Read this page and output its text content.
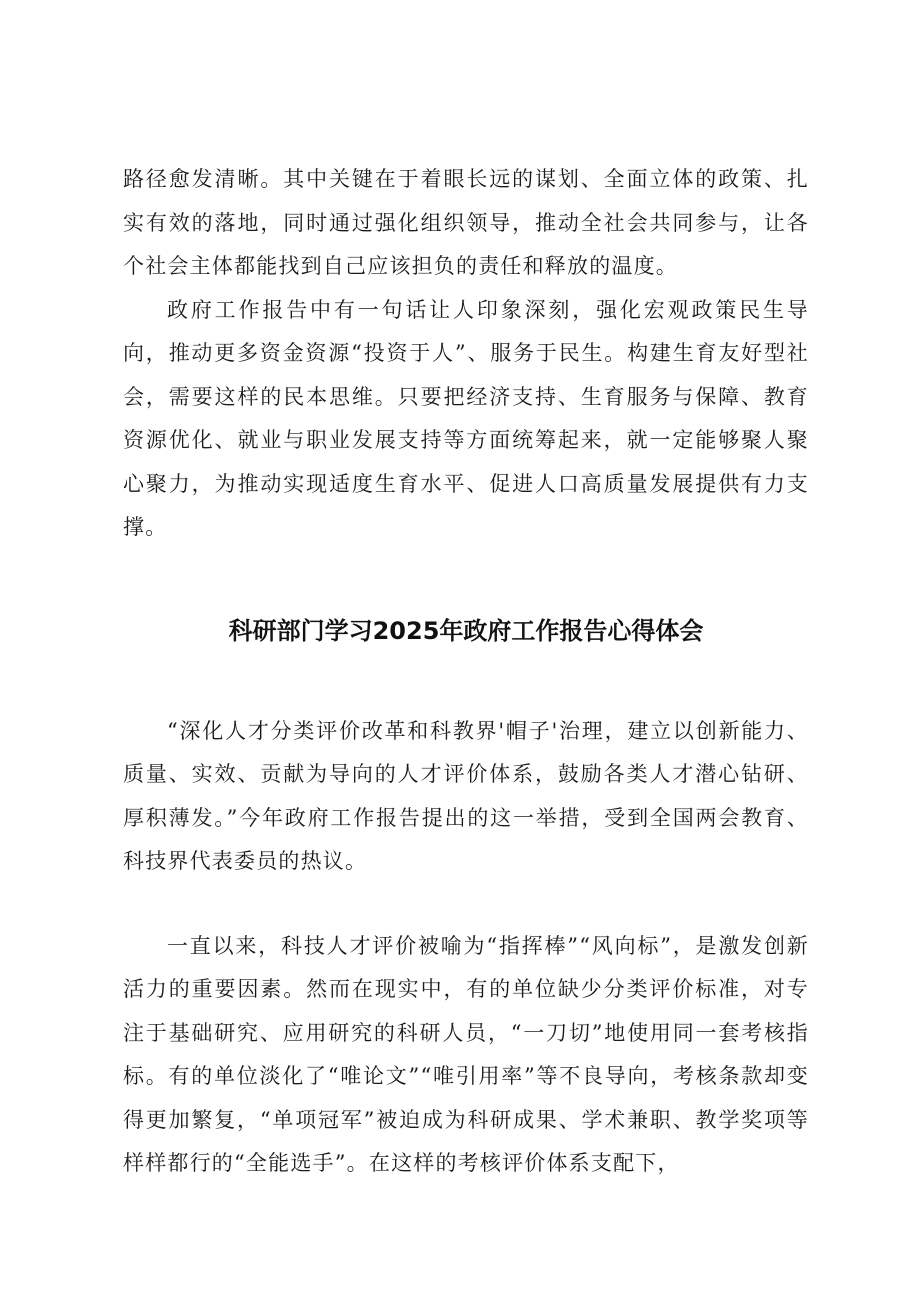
路径愈发清晰。其中关键在于着眼长远的谋划、全面立体的政策、扎实有效的落地，同时通过强化组织领导，推动全社会共同参与，让各个社会主体都能找到自己应该担负的责任和释放的温度。

政府工作报告中有一句话让人印象深刻，强化宏观政策民生导向，推动更多资金资源“投资于人”、服务于民生。构建生育友好型社会，需要这样的民本思维。只要把经济支持、生育服务与保障、教育资源优化、就业与职业发展支持等方面统筹起来，就一定能够聚人聚心聚力，为推动实现适度生育水平、促进人口高质量发展提供有力支撑。

科研部门学习2025年政府工作报告心得体会

“深化人才分类评价改革和科教界'帽子'治理，建立以创新能力、质量、实效、贡献为导向的人才评价体系，鼓励各类人才潜心钻研、厚积薄发。”今年政府工作报告提出的这一举措，受到全国两会教育、科技界代表委员的热议。

一直以来，科技人才评价被喻为“指挥棒”“风向标”，是激发创新活力的重要因素。然而在现实中，有的单位缺少分类评价标准，对专注于基础研究、应用研究的科研人员，“一刀切”地使用同一套考核指标。有的单位淡化了“唯论文”“唯引用率”等不良导向，考核条款却变得更加繁复，“单项冠军”被迫成为科研成果、学术兼职、教学奖项等样样都行的“全能选手”。在这样的考核评价体系支配下，
